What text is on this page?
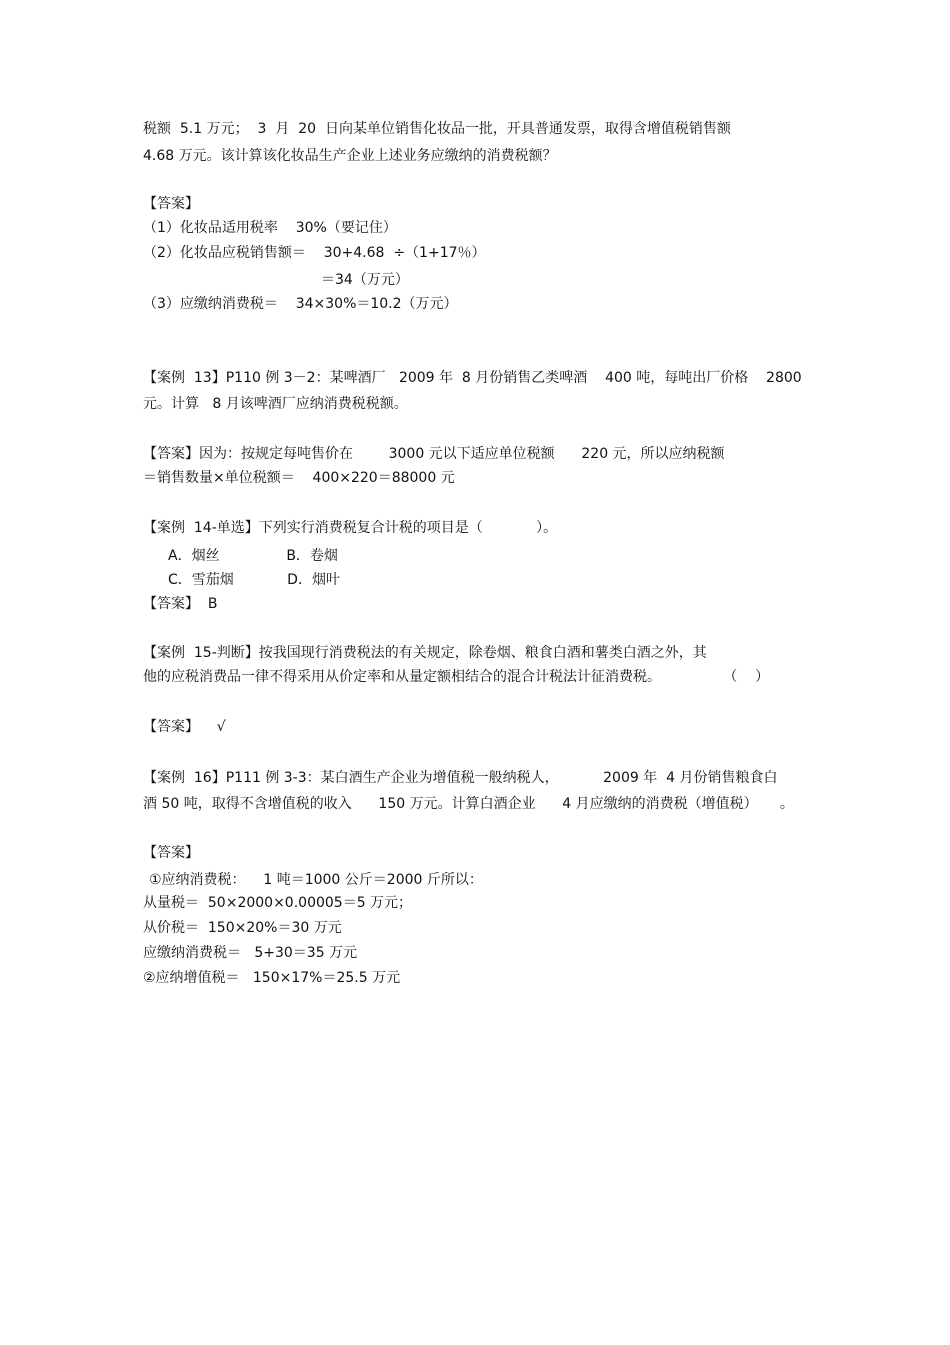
税额  5.1 万元；  3  月  20  日向某单位销售化妆品一批，开具普通发票，取得含增值税销售额

4.68 万元。该计算该化妆品生产企业上述业务应缴纳的消费税额？

【答案】

（1）化妆品适用税率    30%（要记住）

（2）化妆品应税销售额＝    30+4.68  ÷（1+17％）

＝34（万元）

（3）应缴纳消费税＝    34×30%＝10.2（万元）

【案例  13】P110 例 3－2：某啤酒厂   2009 年  8 月份销售乙类啤酒    400 吨，每吨出厂价格    2800

元。计算   8 月该啤酒厂应纳消费税税额。

【答案】因为：按规定每吨售价在        3000 元以下适应单位税额      220 元，所以应纳税额

＝销售数量×单位税额＝    400×220＝88000 元

【案例  14-单选】下列实行消费税复合计税的项目是（            ）。

A．烟丝               B．卷烟

C．雪茄烟            D．烟叶

【答案】  B

【案例  15-判断】按我国现行消费税法的有关规定，除卷烟、粮食白酒和薯类白酒之外，其

他的应税消费品一律不得采用从价定率和从量定额相结合的混合计税法计征消费税。              （    ）

【答案】    √

【案例  16】P111 例 3-3：某白酒生产企业为增值税一般纳税人，          2009 年  4 月份销售粮食白

酒 50 吨，取得不含增值税的收入      150 万元。计算白酒企业      4 月应缴纳的消费税（增值税）     。

【答案】

①应纳消费税：    1 吨＝1000 公斤＝2000 斤所以：

从量税＝  50×2000×0.00005＝5 万元；

从价税＝  150×20%＝30 万元

应缴纳消费税＝   5+30＝35 万元

②应纳增值税＝   150×17%＝25.5 万元
